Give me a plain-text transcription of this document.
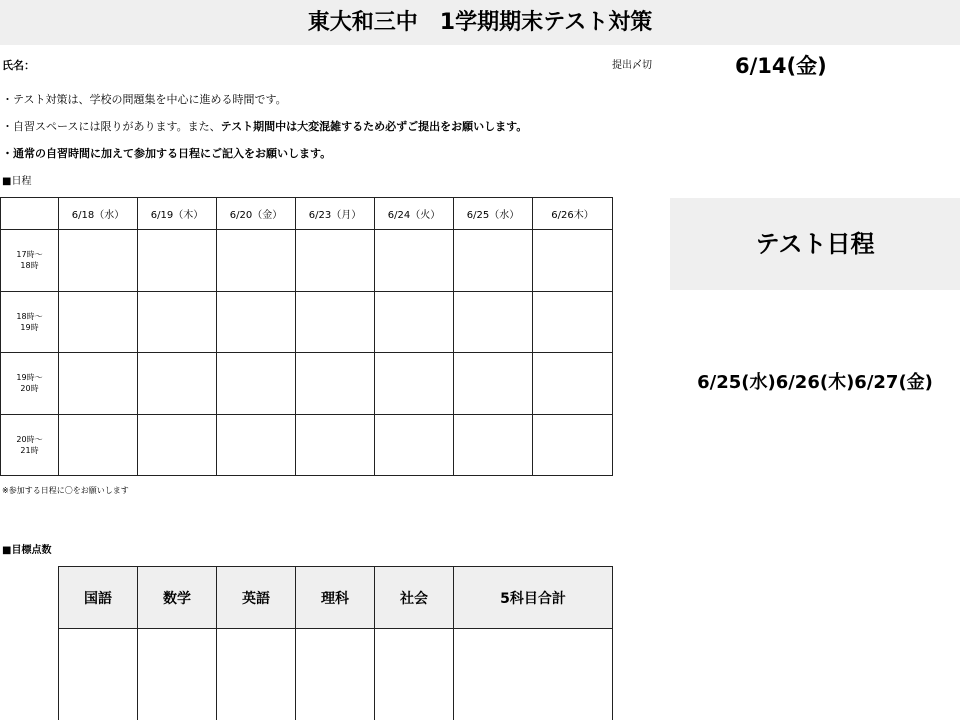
東大和三中　1学期期末テスト対策
氏名：	提出〆切	6/14(金)
・テスト対策は、学校の問題集を中心に進める時間です。
・自習スペースには限りがあります。また、テスト期間中は大変混雑するため必ずご提出をお願いします。
・通常の自習時間に加えて参加する日程にご記入をお願いします。
■日程
	6/18（水）	6/19（木）	6/20（金）	6/23（月）	6/24（火）	6/25（水）	6/26木）

17時～
18時							

18時～
19時							

19時～
20時							

20時～
21時							

※参加する日程に〇をお願いします
テスト日程
6/25(水)6/26(木)6/27(金)
■目標点数
国語	数学	英語	理科	社会	5科目合計
